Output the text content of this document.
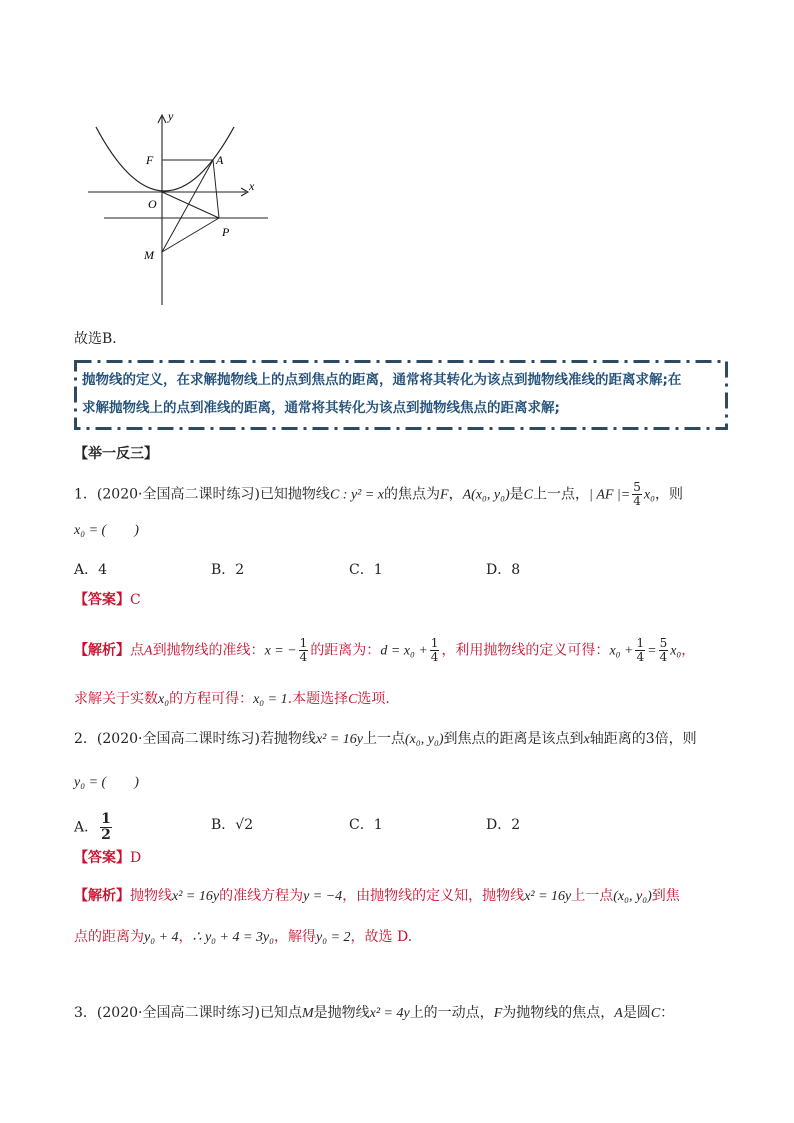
y
x
F	A
O
P
M
故选B．
抛物线的定义，在求解抛物线上的点到焦点的距离，通常将其转化为该点到抛物线准线的距离求解;在
求解抛物线上的点到准线的距离，通常将其转化为该点到抛物线焦点的距离求解;
【举一反三】
1．(2020·全国高二课时练习)已知抛物线C : y² = x的焦点为F，A(x₀, y₀)是C上一点，| AF |= $\frac{5}{4} x_0$，则
x₀ = (　　)
A．4	B．2	C．1	D．8
【答案】C
【解析】点A到抛物线的准线：x = − $\frac{1}{4}$ 的距离为：$d = x_0 + \frac{1}{4}$ ，利用抛物线的定义可得：$x_0 + \frac{1}{4} = \frac{5}{4} x_0$，
求解关于实数x₀的方程可得：x₀ = 1.本题选择C选项.
2．(2020·全国高二课时练习)若抛物线x² = 16y上一点(x₀, y₀)到焦点的距离是该点到x轴距离的3倍，则
y₀ = (　　)
A． $\frac{1}{2}$	B．√2	C．1	D．2
【答案】D
【解析】抛物线x² = 16y的准线方程为y = −4，由抛物线的定义知，抛物线x² = 16y上一点(x₀, y₀)到焦
点的距离为y₀ + 4，∴ y₀ + 4 = 3y₀，解得y₀ = 2，故选 D.
3．(2020·全国高二课时练习)已知点M是抛物线x² = 4y上的一动点，F为抛物线的焦点，A是圆C：
